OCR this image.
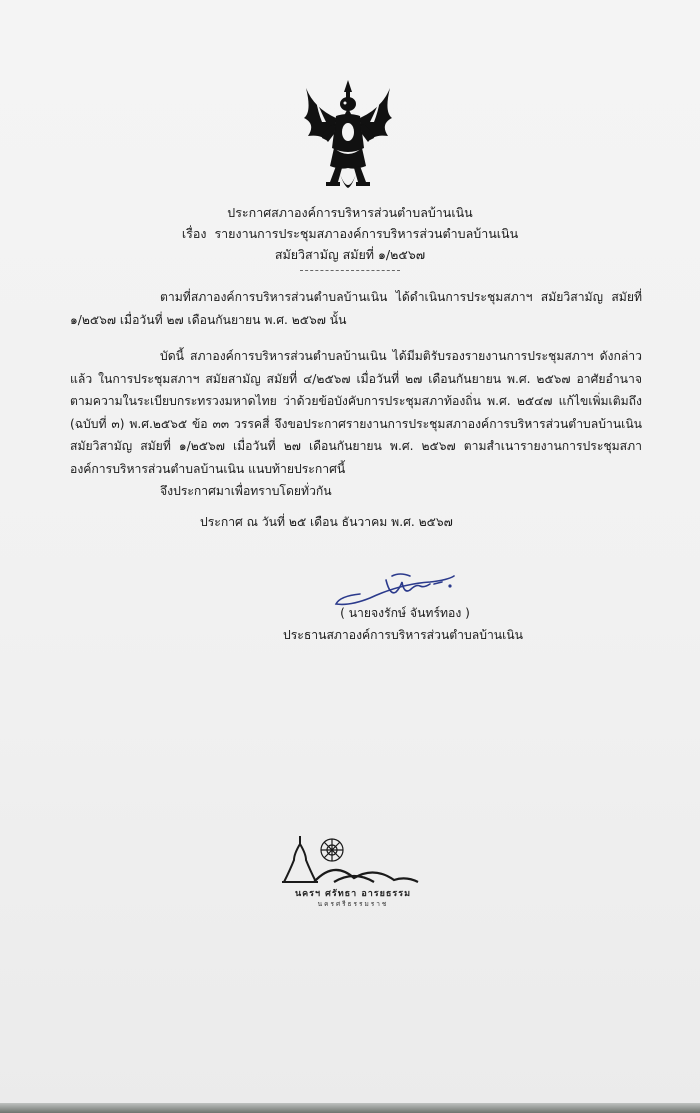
ประกาศสภาองค์การบริหารส่วนตำบลบ้านเนิน
เรื่อง รายงานการประชุมสภาองค์การบริหารส่วนตำบลบ้านเนิน
สมัยวิสามัญ สมัยที่ ๑/๒๕๖๗
ตามที่สภาองค์การบริหารส่วนตำบลบ้านเนิน ได้ดำเนินการประชุมสภาฯ สมัยวิสามัญ สมัยที่ ๑/๒๕๖๗ เมื่อวันที่ ๒๗ เดือนกันยายน พ.ศ. ๒๕๖๗ นั้น
บัดนี้ สภาองค์การบริหารส่วนตำบลบ้านเนิน ได้มีมติรับรองรายงานการประชุมสภาฯ ดังกล่าวแล้ว ในการประชุมสภาฯ สมัยสามัญ สมัยที่ ๔/๒๕๖๗ เมื่อวันที่ ๒๗ เดือนกันยายน พ.ศ. ๒๕๖๗ อาศัยอำนาจตามความในระเบียบกระทรวงมหาดไทย ว่าด้วยข้อบังคับการประชุมสภาท้องถิ่น พ.ศ. ๒๕๔๗ แก้ไขเพิ่มเติมถึง (ฉบับที่ ๓) พ.ศ.๒๕๖๕ ข้อ ๓๓ วรรคสี่ จึงขอประกาศรายงานการประชุมสภาองค์การบริหารส่วนตำบลบ้านเนิน สมัยวิสามัญ สมัยที่ ๑/๒๕๖๗ เมื่อวันที่ ๒๗ เดือนกันยายน พ.ศ. ๒๕๖๗ ตามสำเนารายงานการประชุมสภาองค์การบริหารส่วนตำบลบ้านเนิน แนบท้ายประกาศนี้
จึงประกาศมาเพื่อทราบโดยทั่วกัน
ประกาศ ณ วันที่ ๒๕ เดือน ธันวาคม พ.ศ. ๒๕๖๗
( นายจงรักษ์ จันทร์ทอง )
ประธานสภาองค์การบริหารส่วนตำบลบ้านเนิน
นครฯ ศรัทธา อารยธรรม
นครศรีธรรมราช
